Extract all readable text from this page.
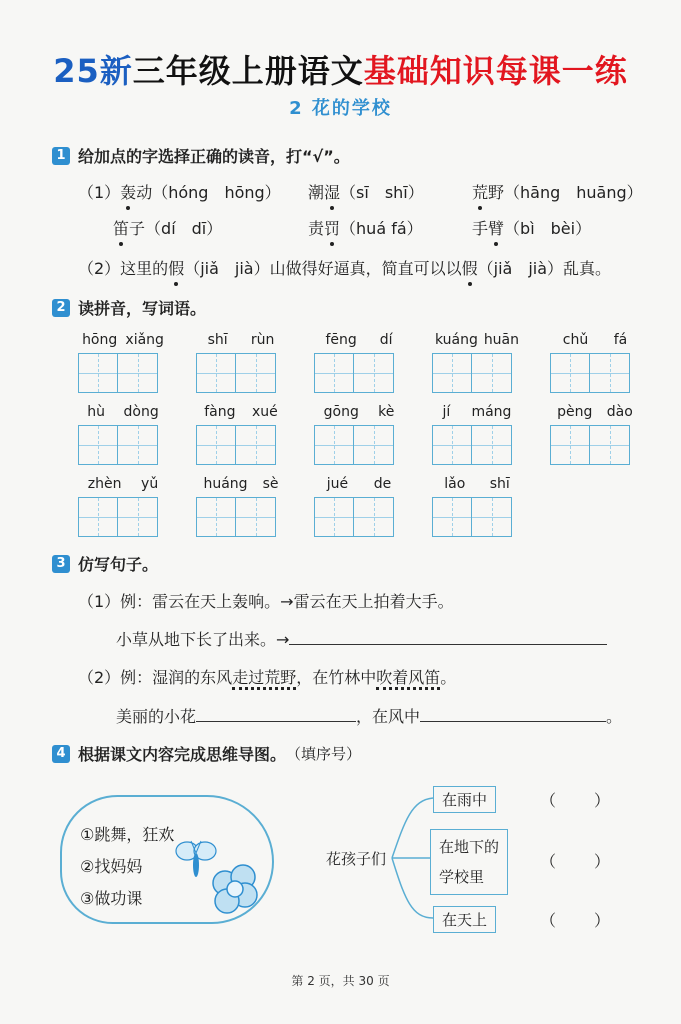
25新三年级上册语文基础知识每课一练
2 花的学校
1 给加点的字选择正确的读音，打“√”。
（1）轰动（hóng　hōng） 潮湿（sī　shī）	荒野（hāng　huāng）
笛子（dí　dī）	责罚（huá fá）	手臂（bì　bèi）
（2）这里的假（jiǎ　jià）山做得好逼真，简直可以以假（jiǎ　jià）乱真。
2 读拼音，写词语。
hōng xiǎng	shī rùn	fēng dí	kuáng huān	chǔ fá
hù dòng	fàng xué	gōng kè	jí máng	pèng dào
zhèn yǔ	huáng sè	jué de	lǎo shī
3 仿写句子。
（1）例：雷云在天上轰响。→雷云在天上拍着大手。
小草从地下长了出来。→
（2）例：湿润的东风走过荒野，在竹林中吹着风笛。
美丽的小花	，在风中	。
4 根据课文内容完成思维导图。 （填序号）
①跳舞，狂欢
②找妈妈
③做功课
花孩子们
在雨中	（　　）
在地下的
学校里
（　　）
在天上	（　　）
第 2 页，共 30 页
